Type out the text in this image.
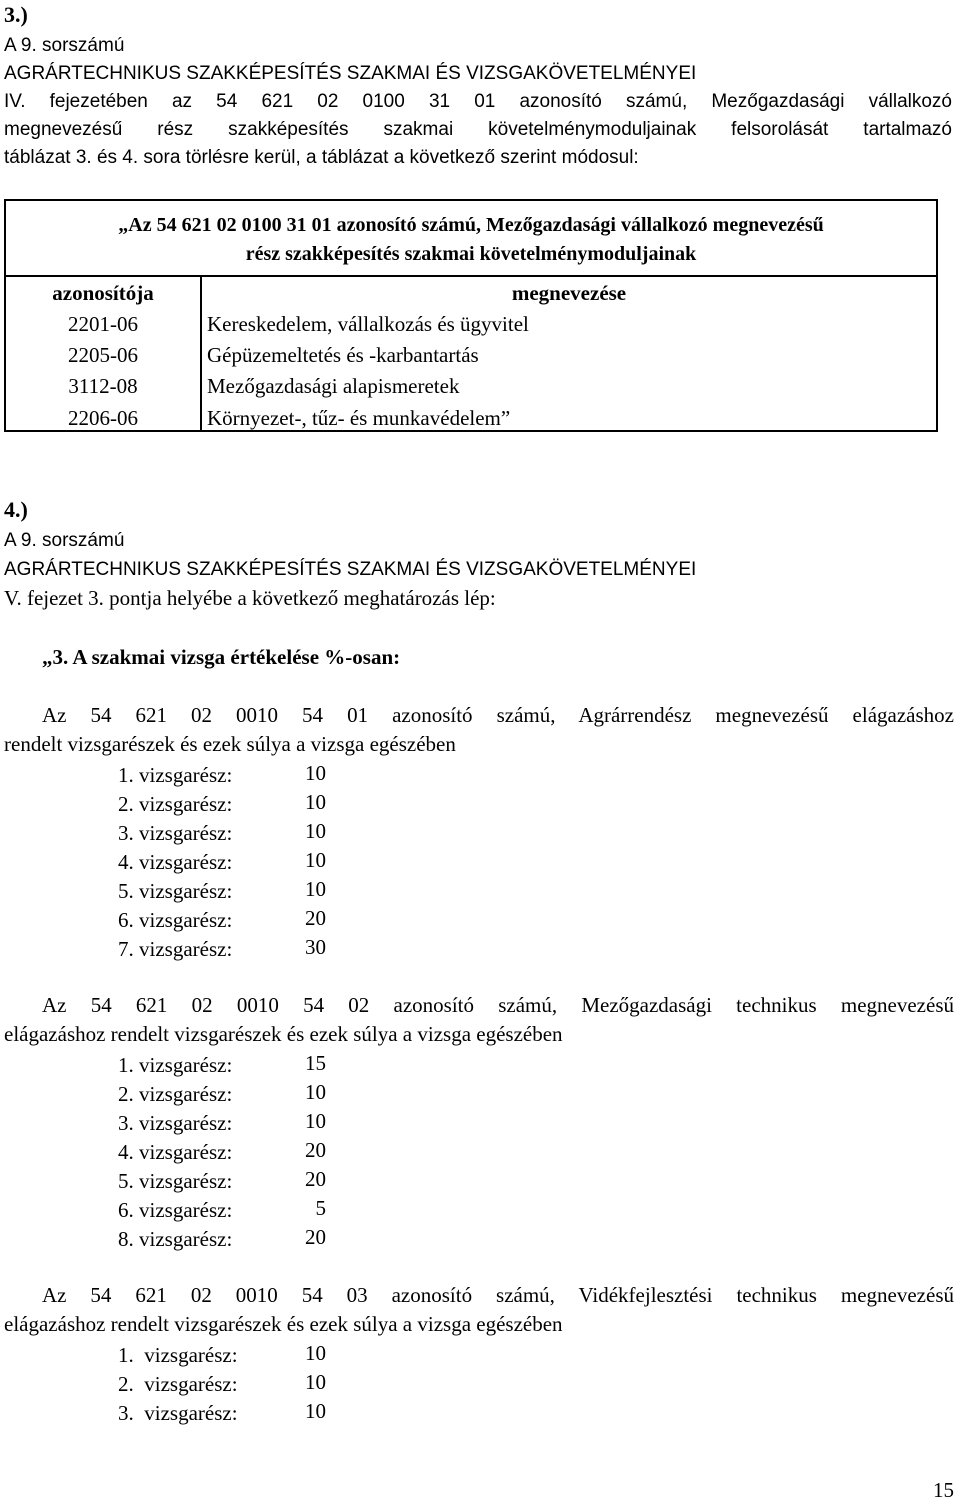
3.)
A 9. sorszámú
AGRÁRTECHNIKUS SZAKKÉPESÍTÉS SZAKMAI ÉS VIZSGAKÖVETELMÉNYEI
IV. fejezetében az 54 621 02 0100 31 01 azonosító számú, Mezőgazdasági vállalkozó
megnevezésű rész szakképesítés szakmai követelménymoduljainak felsorolását tartalmazó
táblázat 3. és 4. sora törlésre kerül, a táblázat a következő szerint módosul:
„Az 54 621 02 0100 31 01 azonosító számú, Mezőgazdasági vállalkozó megnevezésű
rész szakképesítés szakmai követelménymoduljainak
azonosítója	megnevezése
2201-06	Kereskedelem, vállalkozás és ügyvitel
2205-06	Gépüzemeltetés és -karbantartás
3112-08	Mezőgazdasági alapismeretek
2206-06	Környezet-, tűz- és munkavédelem”
4.)
A 9. sorszámú
AGRÁRTECHNIKUS SZAKKÉPESÍTÉS SZAKMAI ÉS VIZSGAKÖVETELMÉNYEI
V. fejezet 3. pontja helyébe a következő meghatározás lép:
„3. A szakmai vizsga értékelése %-osan:
Az 54 621 02 0010 54 01 azonosító számú, Agrárrendész megnevezésű elágazáshoz
rendelt vizsgarészek és ezek súlya a vizsga egészében
1. vizsgarész:	10
2. vizsgarész:	10
3. vizsgarész:	10
4. vizsgarész:	10
5. vizsgarész:	10
6. vizsgarész:	20
7. vizsgarész:	30
Az 54 621 02 0010 54 02 azonosító számú, Mezőgazdasági technikus megnevezésű
elágazáshoz rendelt vizsgarészek és ezek súlya a vizsga egészében
1. vizsgarész:	15
2. vizsgarész:	10
3. vizsgarész:	10
4. vizsgarész:	20
5. vizsgarész:	20
6. vizsgarész:	5
8. vizsgarész:	20
Az 54 621 02 0010 54 03 azonosító számú, Vidékfejlesztési technikus megnevezésű
elágazáshoz rendelt vizsgarészek és ezek súlya a vizsga egészében
1.  vizsgarész:	10
2.  vizsgarész:	10
3.  vizsgarész:	10
15
